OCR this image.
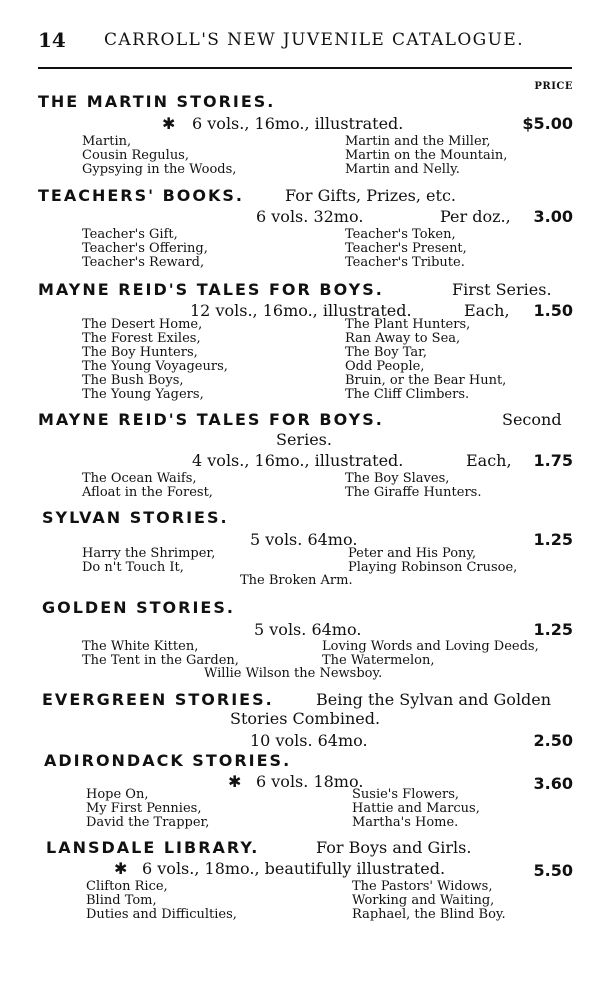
14 CARROLL'S NEW JUVENILE CATALOGUE.
PRICE
THE MARTIN STORIES.
✱ 6 vols., 16mo., illustrated.	$5.00
Martin,
Cousin Regulus,
Gypsying in the Woods,
Martin and the Miller,
Martin on the Mountain,
Martin and Nelly.
TEACHERS' BOOKS.	For Gifts, Prizes, etc.
6 vols. 32mo.	Per doz., 3.00
Teacher's Gift,
Teacher's Offering,
Teacher's Reward,
Teacher's Token,
Teacher's Present,
Teacher's Tribute.
MAYNE REID'S TALES FOR BOYS.	First Series.
12 vols., 16mo., illustrated.	Each, 1.50
The Desert Home,
The Forest Exiles,
The Boy Hunters,
The Young Voyageurs,
The Bush Boys,
The Young Yagers,
The Plant Hunters,
Ran Away to Sea,
The Boy Tar,
Odd People,
Bruin, or the Bear Hunt,
The Cliff Climbers.
MAYNE REID'S TALES FOR BOYS.	Second
Series.
4 vols., 16mo., illustrated.	Each, 1.75
The Ocean Waifs,
Afloat in the Forest,
The Boy Slaves,
The Giraffe Hunters.
SYLVAN STORIES.
5 vols. 64mo.	1.25
Harry the Shrimper,
Do n't Touch It,
Peter and His Pony,
Playing Robinson Crusoe,
The Broken Arm.
GOLDEN STORIES.
5 vols. 64mo.	1.25
The White Kitten,
The Tent in the Garden,
Loving Words and Loving Deeds,
The Watermelon,
Willie Wilson the Newsboy.
EVERGREEN STORIES.	Being the Sylvan and Golden
Stories Combined.
10 vols. 64mo.	2.50
ADIRONDACK STORIES.
✱ 6 vols. 18mo.	3.60
Hope On,
My First Pennies,
David the Trapper,
Susie's Flowers,
Hattie and Marcus,
Martha's Home.
LANSDALE LIBRARY.	For Boys and Girls.
✱ 6 vols., 18mo., beautifully illustrated.	5.50
Clifton Rice,
Blind Tom,
Duties and Difficulties,
The Pastors' Widows,
Working and Waiting,
Raphael, the Blind Boy.
